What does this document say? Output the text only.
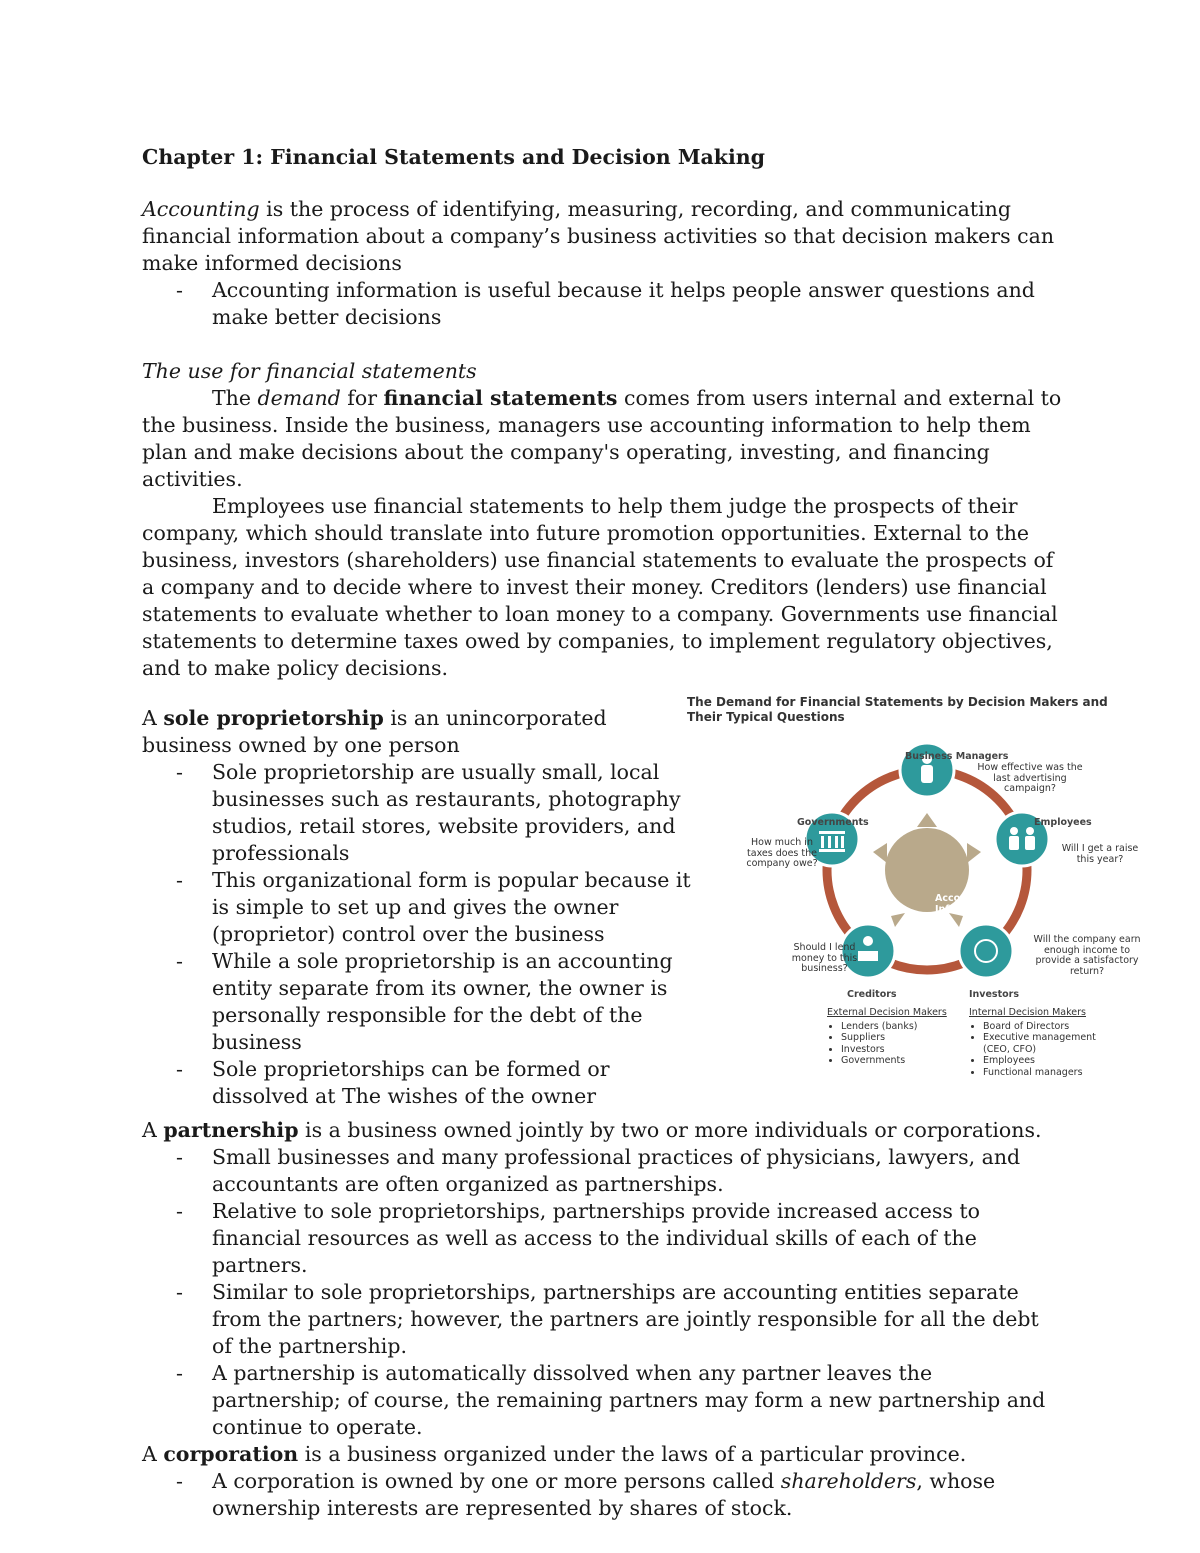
Chapter 1: Financial Statements and Decision Making

Accounting is the process of identifying, measuring, recording, and communicating financial information about a company’s business activities so that decision makers can make informed decisions

- Accounting information is useful because it helps people answer questions and make better decisions

The use for financial statements

The demand for financial statements comes from users internal and external to the business. Inside the business, managers use accounting information to help them plan and make decisions about the company's operating, investing, and financing activities.

Employees use financial statements to help them judge the prospects of their company, which should translate into future promotion opportunities. External to the business, investors (shareholders) use financial statements to evaluate the prospects of a company and to decide where to invest their money. Creditors (lenders) use financial statements to evaluate whether to loan money to a company. Governments use financial statements to determine taxes owed by companies, to implement regulatory objectives, and to make policy decisions.

A sole proprietorship is an unincorporated business owned by one person

- Sole proprietorship are usually small, local businesses such as restaurants, photography studios, retail stores, website providers, and professionals
- This organizational form is popular because it is simple to set up and gives the owner (proprietor) control over the business
- While a sole proprietorship is an accounting entity separate from its owner, the owner is personally responsible for the debt of the business
- Sole proprietorships can be formed or dissolved at The wishes of the owner
The Demand for Financial Statements by Decision Makers and Their Typical Questions
Business Managers
Employees
Investors
Creditors
Governments
How effective was the last advertising campaign?
Will I get a raise this year?
Will the company earn enough income to provide a satisfactory return?
Should I lend money to this business?
How much in taxes does the company owe?
Accounting Information
External Decision Makers
• Lenders (banks)
• Suppliers
• Investors
• Governments
Internal Decision Makers
• Board of Directors
• Executive management (CEO, CFO)
• Employees
• Functional managers

A partnership is a business owned jointly by two or more individuals or corporations.

- Small businesses and many professional practices of physicians, lawyers, and accountants are often organized as partnerships.
- Relative to sole proprietorships, partnerships provide increased access to financial resources as well as access to the individual skills of each of the partners.
- Similar to sole proprietorships, partnerships are accounting entities separate from the partners; however, the partners are jointly responsible for all the debt of the partnership.
- A partnership is automatically dissolved when any partner leaves the partnership; of course, the remaining partners may form a new partnership and continue to operate.

A corporation is a business organized under the laws of a particular province.

- A corporation is owned by one or more persons called shareholders, whose ownership interests are represented by shares of stock.
